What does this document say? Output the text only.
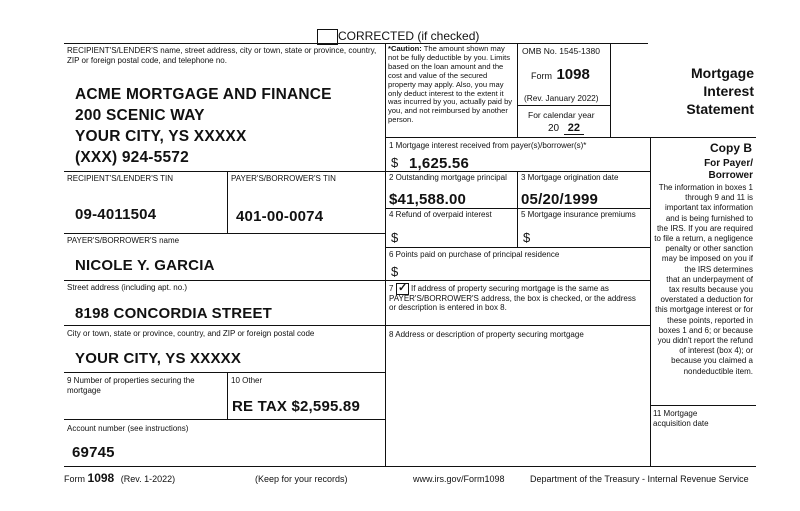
CORRECTED (if checked)
RECIPIENT'S/LENDER'S name, street address, city or town, state or province, country, ZIP or foreign postal code, and telephone no.
ACME MORTGAGE AND FINANCE
200 SCENIC WAY
YOUR CITY, YS XXXXX
(XXX) 924-5572
*Caution: The amount shown may not be fully deductible by you. Limits based on the loan amount and the cost and value of the secured property may apply. Also, you may only deduct interest to the extent it was incurred by you, actually paid by you, and not reimbursed by another person.
OMB No. 1545-1380
Form 1098
(Rev. January 2022)
For calendar year
20 22
Mortgage
Interest
Statement
Copy B
For Payer/
Borrower
The information in boxes 1
through 9 and 11 is
important tax information
and is being furnished to
the IRS. If you are required
to file a return, a negligence
penalty or other sanction
may be imposed on you if
the IRS determines
that an underpayment of
tax results because you
overstated a deduction for
this mortgage interest or for
these points, reported in
boxes 1 and 6; or because
you didn't report the refund
of interest (box 4); or
because you claimed a
nondeductible item.
1 Mortgage interest received from payer(s)/borrower(s)*
$ 1,625.56
2 Outstanding mortgage principal
$41,588.00
3 Mortgage origination date
05/20/1999
4 Refund of overpaid interest
$
5 Mortgage insurance premiums
$
6 Points paid on purchase of principal residence
$
7 ✓ If address of property securing mortgage is the same as PAYER'S/BORROWER'S address, the box is checked, or the address or description is entered in box 8.
8 Address or description of property securing mortgage
11 Mortgage acquisition date
RECIPIENT'S/LENDER'S TIN
09-4011504
PAYER'S/BORROWER'S TIN
401-00-0074
PAYER'S/BORROWER'S name
NICOLE Y. GARCIA
Street address (including apt. no.)
8198 CONCORDIA STREET
City or town, state or province, country, and ZIP or foreign postal code
YOUR CITY, YS XXXXX
9 Number of properties securing the mortgage
10 Other
RE TAX $2,595.89
Account number (see instructions)
69745
Form 1098 (Rev. 1-2022)	(Keep for your records)	www.irs.gov/Form1098	Department of the Treasury - Internal Revenue Service
